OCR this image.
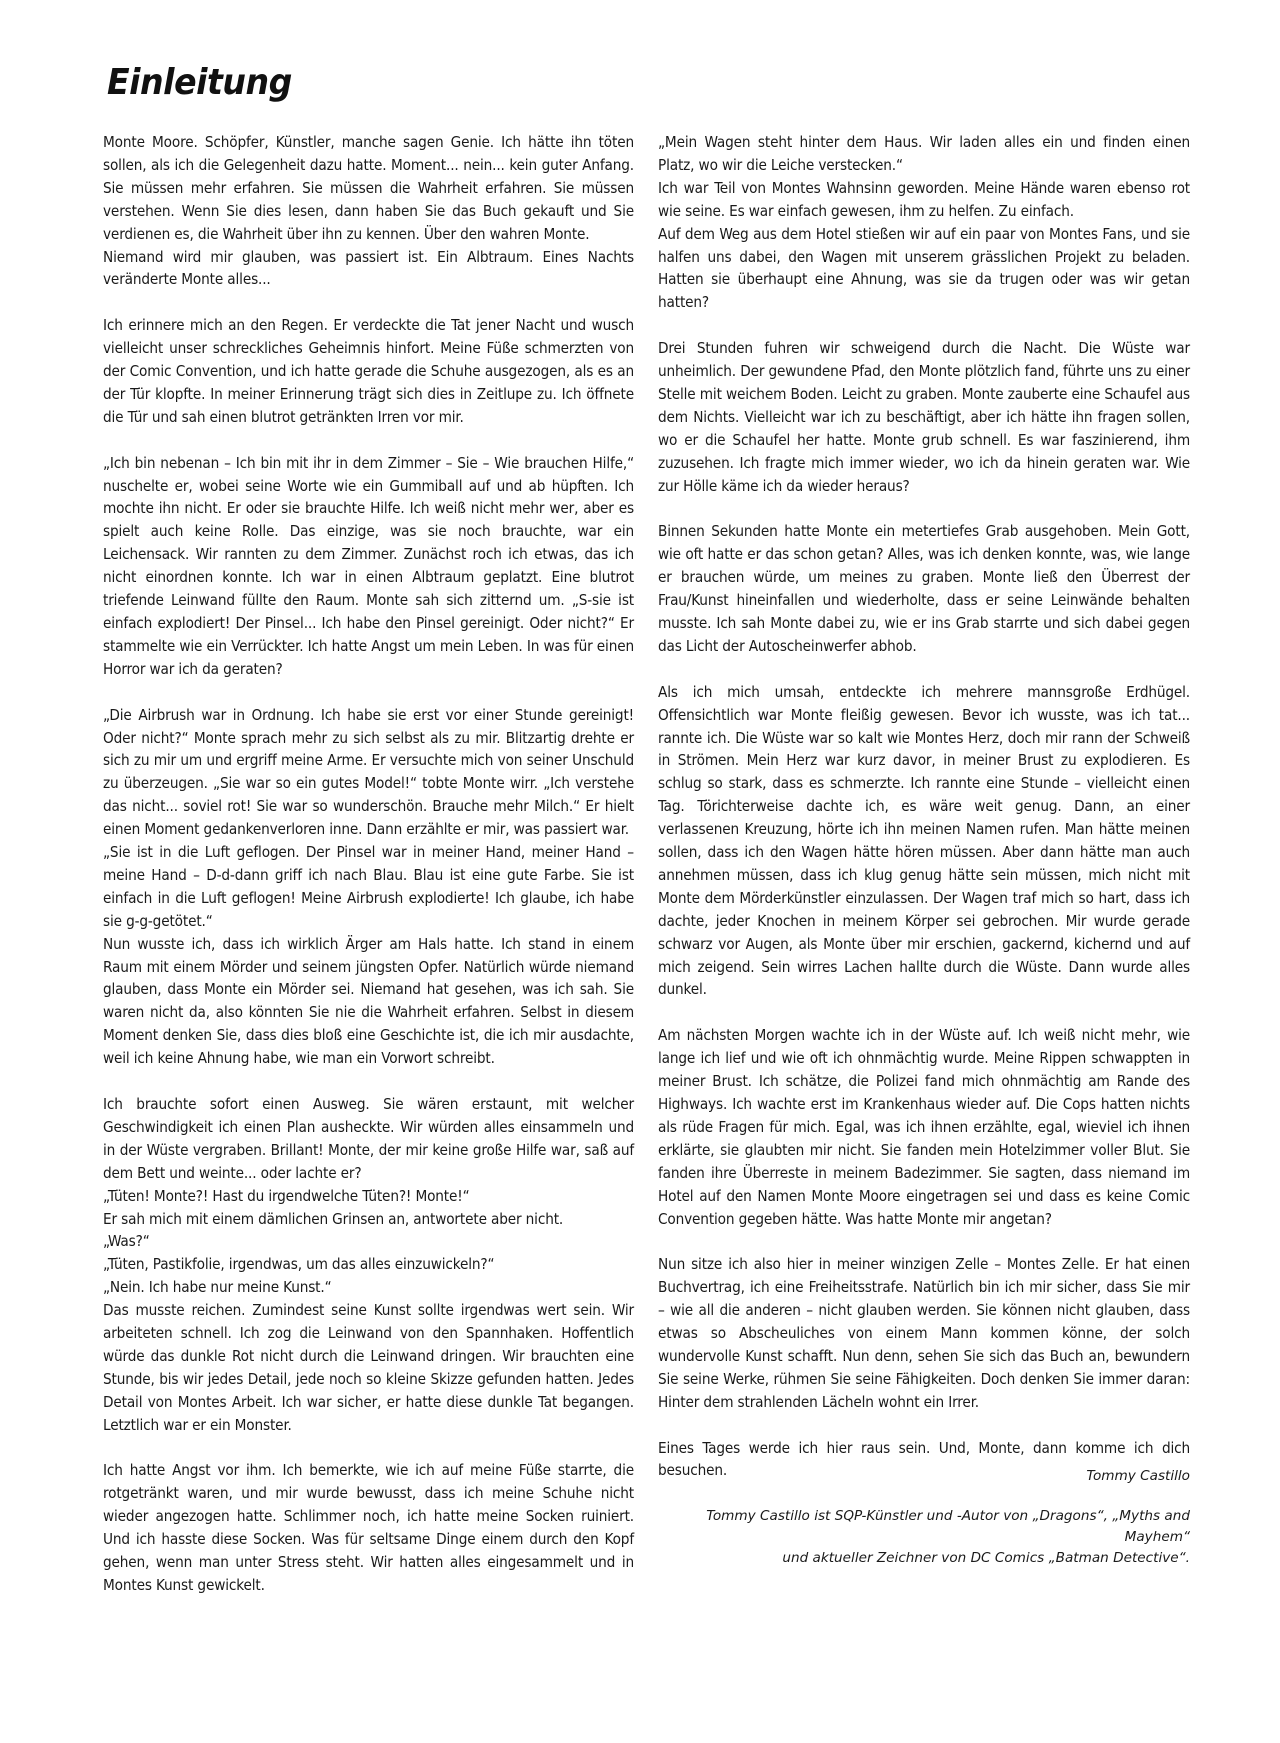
Einleitung

Monte Moore. Schöpfer, Künstler, manche sagen Genie. Ich hätte ihn töten sollen, als ich die Gelegenheit dazu hatte. Moment... nein... kein guter Anfang. Sie müssen mehr erfahren. Sie müssen die Wahrheit erfahren. Sie müssen verstehen. Wenn Sie dies lesen, dann haben Sie das Buch gekauft und Sie verdienen es, die Wahrheit über ihn zu kennen. Über den wahren Monte.
Niemand wird mir glauben, was passiert ist. Ein Albtraum. Eines Nachts veränderte Monte alles...

Ich erinnere mich an den Regen. Er verdeckte die Tat jener Nacht und wusch vielleicht unser schreckliches Geheimnis hinfort. Meine Füße schmerzten von der Comic Convention, und ich hatte gerade die Schuhe ausgezogen, als es an der Tür klopfte. In meiner Erinnerung trägt sich dies in Zeitlupe zu. Ich öffnete die Tür und sah einen blutrot getränkten Irren vor mir.

„Ich bin nebenan – Ich bin mit ihr in dem Zimmer – Sie – Wie brauchen Hilfe,“ nuschelte er, wobei seine Worte wie ein Gummiball auf und ab hüpften. Ich mochte ihn nicht. Er oder sie brauchte Hilfe. Ich weiß nicht mehr wer, aber es spielt auch keine Rolle. Das einzige, was sie noch brauchte, war ein Leichensack. Wir rannten zu dem Zimmer. Zunächst roch ich etwas, das ich nicht einordnen konnte. Ich war in einen Albtraum geplatzt. Eine blutrot triefende Leinwand füllte den Raum. Monte sah sich zitternd um. „S-sie ist einfach explodiert! Der Pinsel... Ich habe den Pinsel gereinigt. Oder nicht?“ Er stammelte wie ein Verrückter. Ich hatte Angst um mein Leben. In was für einen Horror war ich da geraten?

„Die Airbrush war in Ordnung. Ich habe sie erst vor einer Stunde gereinigt! Oder nicht?“ Monte sprach mehr zu sich selbst als zu mir. Blitzartig drehte er sich zu mir um und ergriff meine Arme. Er versuchte mich von seiner Unschuld zu überzeugen. „Sie war so ein gutes Model!“ tobte Monte wirr. „Ich verstehe das nicht... soviel rot! Sie war so wunderschön. Brauche mehr Milch.“ Er hielt einen Moment gedankenverloren inne. Dann erzählte er mir, was passiert war.
„Sie ist in die Luft geflogen. Der Pinsel war in meiner Hand, meiner Hand – meine Hand – D-d-dann griff ich nach Blau. Blau ist eine gute Farbe. Sie ist einfach in die Luft geflogen! Meine Airbrush explodierte! Ich glaube, ich habe sie g-g-getötet.“
Nun wusste ich, dass ich wirklich Ärger am Hals hatte. Ich stand in einem Raum mit einem Mörder und seinem jüngsten Opfer. Natürlich würde niemand glauben, dass Monte ein Mörder sei. Niemand hat gesehen, was ich sah. Sie waren nicht da, also könnten Sie nie die Wahrheit erfahren. Selbst in diesem Moment denken Sie, dass dies bloß eine Geschichte ist, die ich mir ausdachte, weil ich keine Ahnung habe, wie man ein Vorwort schreibt.

Ich brauchte sofort einen Ausweg. Sie wären erstaunt, mit welcher Geschwindigkeit ich einen Plan ausheckte. Wir würden alles einsammeln und in der Wüste vergraben. Brillant! Monte, der mir keine große Hilfe war, saß auf dem Bett und weinte... oder lachte er?
„Tüten! Monte?! Hast du irgendwelche Tüten?! Monte!“
Er sah mich mit einem dämlichen Grinsen an, antwortete aber nicht.
„Was?“
„Tüten, Pastikfolie, irgendwas, um das alles einzuwickeln?“
„Nein. Ich habe nur meine Kunst.“
Das musste reichen. Zumindest seine Kunst sollte irgendwas wert sein. Wir arbeiteten schnell. Ich zog die Leinwand von den Spannhaken. Hoffentlich würde das dunkle Rot nicht durch die Leinwand dringen. Wir brauchten eine Stunde, bis wir jedes Detail, jede noch so kleine Skizze gefunden hatten. Jedes Detail von Montes Arbeit. Ich war sicher, er hatte diese dunkle Tat begangen. Letztlich war er ein Monster.

Ich hatte Angst vor ihm. Ich bemerkte, wie ich auf meine Füße starrte, die rotgetränkt waren, und mir wurde bewusst, dass ich meine Schuhe nicht wieder angezogen hatte. Schlimmer noch, ich hatte meine Socken ruiniert. Und ich hasste diese Socken. Was für seltsame Dinge einem durch den Kopf gehen, wenn man unter Stress steht. Wir hatten alles eingesammelt und in Montes Kunst gewickelt.

„Mein Wagen steht hinter dem Haus. Wir laden alles ein und finden einen Platz, wo wir die Leiche verstecken.“
Ich war Teil von Montes Wahnsinn geworden. Meine Hände waren ebenso rot wie seine. Es war einfach gewesen, ihm zu helfen. Zu einfach.
Auf dem Weg aus dem Hotel stießen wir auf ein paar von Montes Fans, und sie halfen uns dabei, den Wagen mit unserem grässlichen Projekt zu beladen. Hatten sie überhaupt eine Ahnung, was sie da trugen oder was wir getan hatten?

Drei Stunden fuhren wir schweigend durch die Nacht. Die Wüste war unheimlich. Der gewundene Pfad, den Monte plötzlich fand, führte uns zu einer Stelle mit weichem Boden. Leicht zu graben. Monte zauberte eine Schaufel aus dem Nichts. Vielleicht war ich zu beschäftigt, aber ich hätte ihn fragen sollen, wo er die Schaufel her hatte. Monte grub schnell. Es war faszinierend, ihm zuzusehen. Ich fragte mich immer wieder, wo ich da hinein geraten war. Wie zur Hölle käme ich da wieder heraus?

Binnen Sekunden hatte Monte ein metertiefes Grab ausgehoben. Mein Gott, wie oft hatte er das schon getan? Alles, was ich denken konnte, was, wie lange er brauchen würde, um meines zu graben. Monte ließ den Überrest der Frau/Kunst hineinfallen und wiederholte, dass er seine Leinwände behalten musste. Ich sah Monte dabei zu, wie er ins Grab starrte und sich dabei gegen das Licht der Autoscheinwerfer abhob.

Als ich mich umsah, entdeckte ich mehrere mannsgroße Erdhügel. Offensichtlich war Monte fleißig gewesen. Bevor ich wusste, was ich tat... rannte ich. Die Wüste war so kalt wie Montes Herz, doch mir rann der Schweiß in Strömen. Mein Herz war kurz davor, in meiner Brust zu explodieren. Es schlug so stark, dass es schmerzte. Ich rannte eine Stunde – vielleicht einen Tag. Törichterweise dachte ich, es wäre weit genug. Dann, an einer verlassenen Kreuzung, hörte ich ihn meinen Namen rufen. Man hätte meinen sollen, dass ich den Wagen hätte hören müssen. Aber dann hätte man auch annehmen müssen, dass ich klug genug hätte sein müssen, mich nicht mit Monte dem Mörderkünstler einzulassen. Der Wagen traf mich so hart, dass ich dachte, jeder Knochen in meinem Körper sei gebrochen. Mir wurde gerade schwarz vor Augen, als Monte über mir erschien, gackernd, kichernd und auf mich zeigend. Sein wirres Lachen hallte durch die Wüste. Dann wurde alles dunkel.

Am nächsten Morgen wachte ich in der Wüste auf. Ich weiß nicht mehr, wie lange ich lief und wie oft ich ohnmächtig wurde. Meine Rippen schwappten in meiner Brust. Ich schätze, die Polizei fand mich ohnmächtig am Rande des Highways. Ich wachte erst im Krankenhaus wieder auf. Die Cops hatten nichts als rüde Fragen für mich. Egal, was ich ihnen erzählte, egal, wieviel ich ihnen erklärte, sie glaubten mir nicht. Sie fanden mein Hotelzimmer voller Blut. Sie fanden ihre Überreste in meinem Badezimmer. Sie sagten, dass niemand im Hotel auf den Namen Monte Moore eingetragen sei und dass es keine Comic Convention gegeben hätte. Was hatte Monte mir angetan?

Nun sitze ich also hier in meiner winzigen Zelle – Montes Zelle. Er hat einen Buchvertrag, ich eine Freiheitsstrafe. Natürlich bin ich mir sicher, dass Sie mir – wie all die anderen – nicht glauben werden. Sie können nicht glauben, dass etwas so Abscheuliches von einem Mann kommen könne, der solch wundervolle Kunst schafft. Nun denn, sehen Sie sich das Buch an, bewundern Sie seine Werke, rühmen Sie seine Fähigkeiten. Doch denken Sie immer daran: Hinter dem strahlenden Lächeln wohnt ein Irrer.

Eines Tages werde ich hier raus sein. Und, Monte, dann komme ich dich besuchen.	Tommy Castillo
Tommy Castillo ist SQP-Künstler und -Autor von „Dragons“, „Myths and Mayhem“
und aktueller Zeichner von DC Comics „Batman Detective“.
